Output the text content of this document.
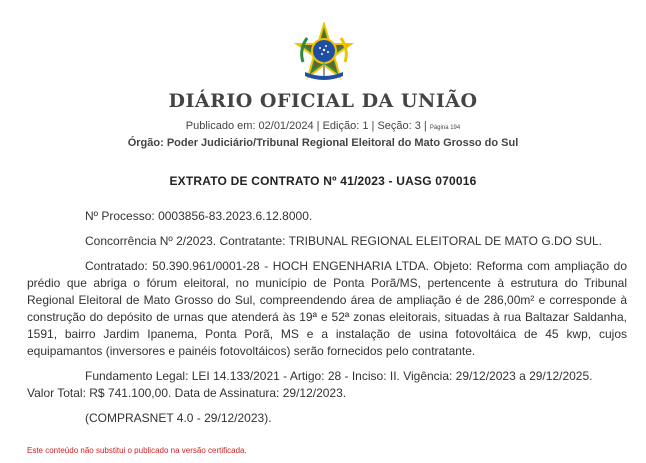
DIÁRIO OFICIAL DA UNIÃO
Publicado em: 02/01/2024 | Edição: 1 | Seção: 3 | Página 194
Órgão: Poder Judiciário/Tribunal Regional Eleitoral do Mato Grosso do Sul
EXTRATO DE CONTRATO Nº 41/2023 - UASG 070016

Nº Processo: 0003856-83.2023.6.12.8000.

Concorrência Nº 2/2023. Contratante: TRIBUNAL REGIONAL ELEITORAL DE MATO G.DO SUL.

Contratado: 50.390.961/0001-28 - HOCH ENGENHARIA LTDA. Objeto: Reforma com ampliação do prédio que abriga o fórum eleitoral, no município de Ponta Porã/MS, pertencente à estrutura do Tribunal Regional Eleitoral de Mato Grosso do Sul, compreendendo área de ampliação é de 286,00m² e corresponde à construção do depósito de urnas que atenderá às 19ª e 52ª zonas eleitorais, situadas à rua Baltazar Saldanha, 1591, bairro Jardim Ipanema, Ponta Porã, MS e a instalação de usina fotovoltáica de 45 kwp, cujos equipamantos (inversores e painéis fotovoltáicos) serão fornecidos pelo contratante.

Fundamento Legal: LEI 14.133/2021 - Artigo: 28 - Inciso: II. Vigência: 29/12/2023 a 29/12/2025.

Valor Total: R$ 741.100,00. Data de Assinatura: 29/12/2023.

(COMPRASNET 4.0 - 29/12/2023).

Este conteúdo não substitui o publicado na versão certificada.
